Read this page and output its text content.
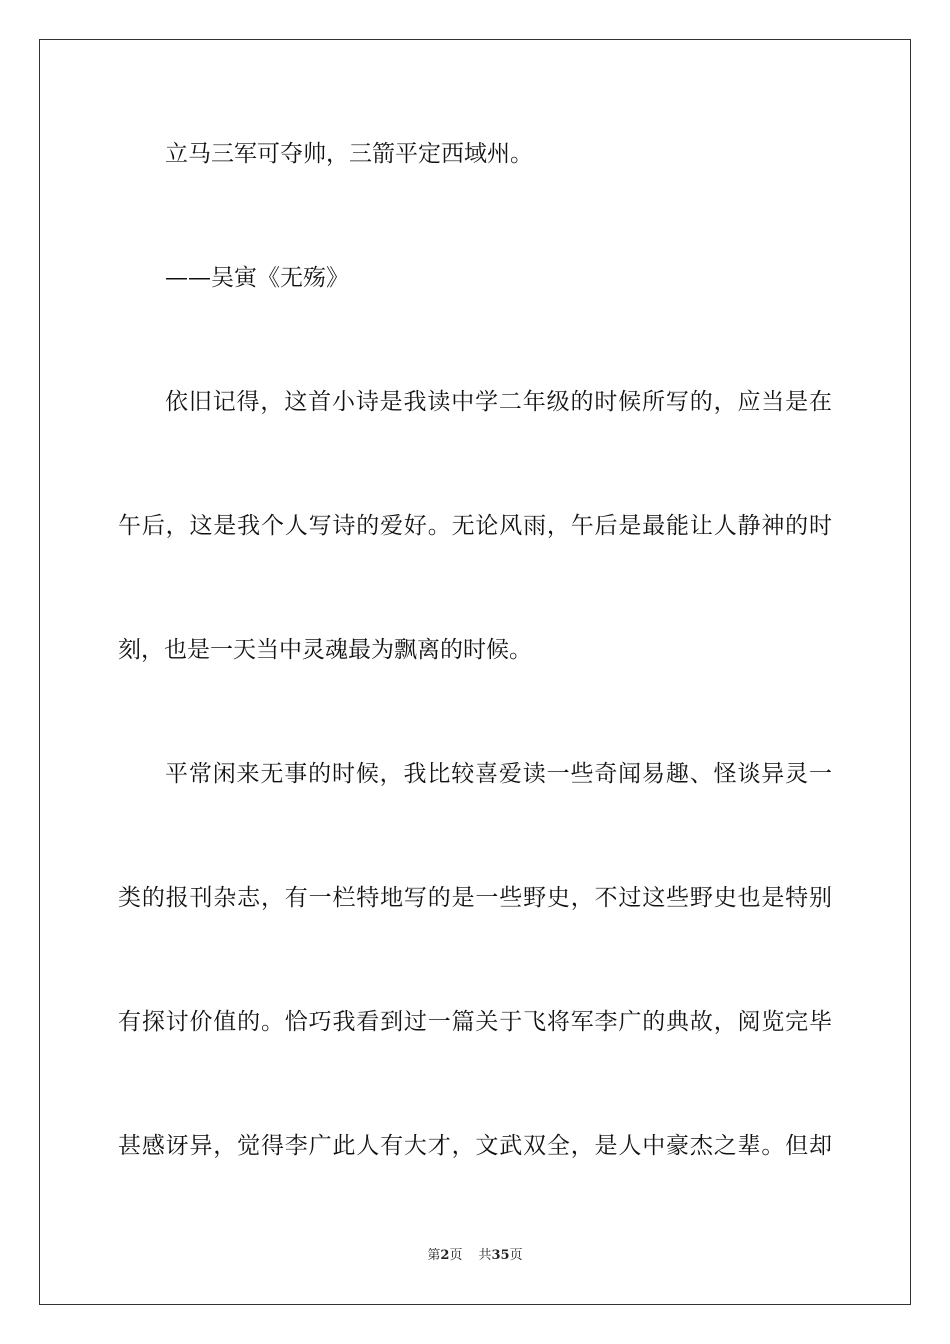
立马三军可夺帅，三箭平定西域州。
——吴寅《无殇》
依旧记得，这首小诗是我读中学二年级的时候所写的，应当是在
午后，这是我个人写诗的爱好。无论风雨，午后是最能让人静神的时
刻，也是一天当中灵魂最为飘离的时候。
平常闲来无事的时候，我比较喜爱读一些奇闻易趣、怪谈异灵一
类的报刊杂志，有一栏特地写的是一些野史，不过这些野史也是特别
有探讨价值的。恰巧我看到过一篇关于飞将军李广的典故，阅览完毕
甚感讶异，觉得李广此人有大才，文武双全，是人中豪杰之辈。但却
第2页 共35页
